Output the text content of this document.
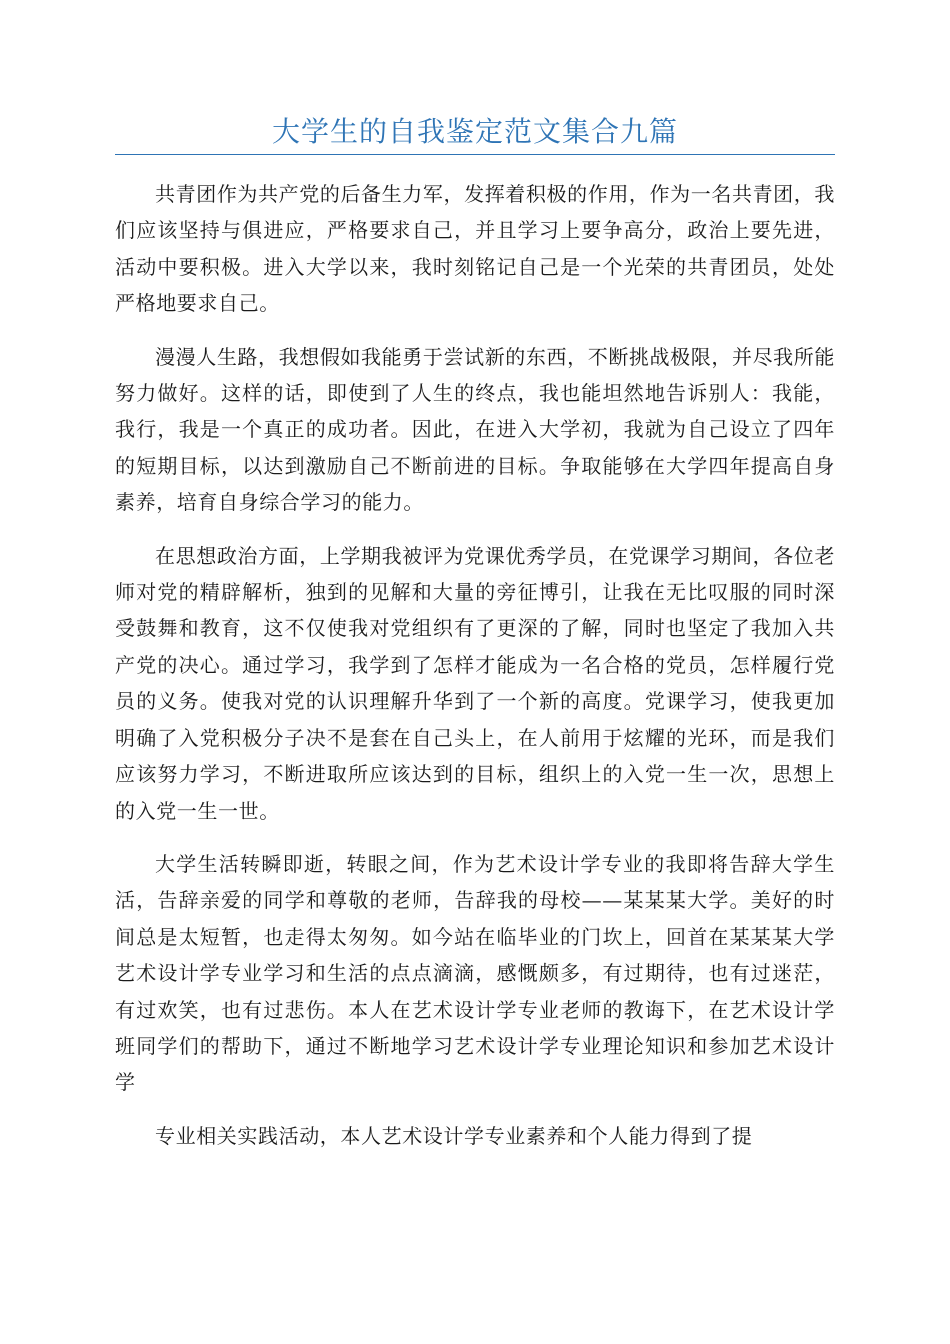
大学生的自我鉴定范文集合九篇

共青团作为共产党的后备生力军，发挥着积极的作用，作为一名共青团，我们应该坚持与俱进应，严格要求自己，并且学习上要争高分，政治上要先进，活动中要积极。进入大学以来，我时刻铭记自己是一个光荣的共青团员，处处严格地要求自己。

漫漫人生路，我想假如我能勇于尝试新的东西，不断挑战极限，并尽我所能努力做好。这样的话，即使到了人生的终点，我也能坦然地告诉别人：我能，我行，我是一个真正的成功者。因此，在进入大学初，我就为自己设立了四年的短期目标，以达到激励自己不断前进的目标。争取能够在大学四年提高自身素养，培育自身综合学习的能力。

在思想政治方面，上学期我被评为党课优秀学员，在党课学习期间，各位老师对党的精辟解析，独到的见解和大量的旁征博引，让我在无比叹服的同时深受鼓舞和教育，这不仅使我对党组织有了更深的了解，同时也坚定了我加入共产党的决心。通过学习，我学到了怎样才能成为一名合格的党员，怎样履行党员的义务。使我对党的认识理解升华到了一个新的高度。党课学习，使我更加明确了入党积极分子决不是套在自己头上，在人前用于炫耀的光环，而是我们应该努力学习，不断进取所应该达到的目标，组织上的入党一生一次，思想上的入党一生一世。

大学生活转瞬即逝，转眼之间，作为艺术设计学专业的我即将告辞大学生活，告辞亲爱的同学和尊敬的老师，告辞我的母校——某某某大学。美好的时间总是太短暂，也走得太匆匆。如今站在临毕业的门坎上，回首在某某某大学艺术设计学专业学习和生活的点点滴滴，感慨颇多，有过期待，也有过迷茫，有过欢笑，也有过悲伤。本人在艺术设计学专业老师的教诲下，在艺术设计学班同学们的帮助下，通过不断地学习艺术设计学专业理论知识和参加艺术设计学

专业相关实践活动，本人艺术设计学专业素养和个人能力得到了提
